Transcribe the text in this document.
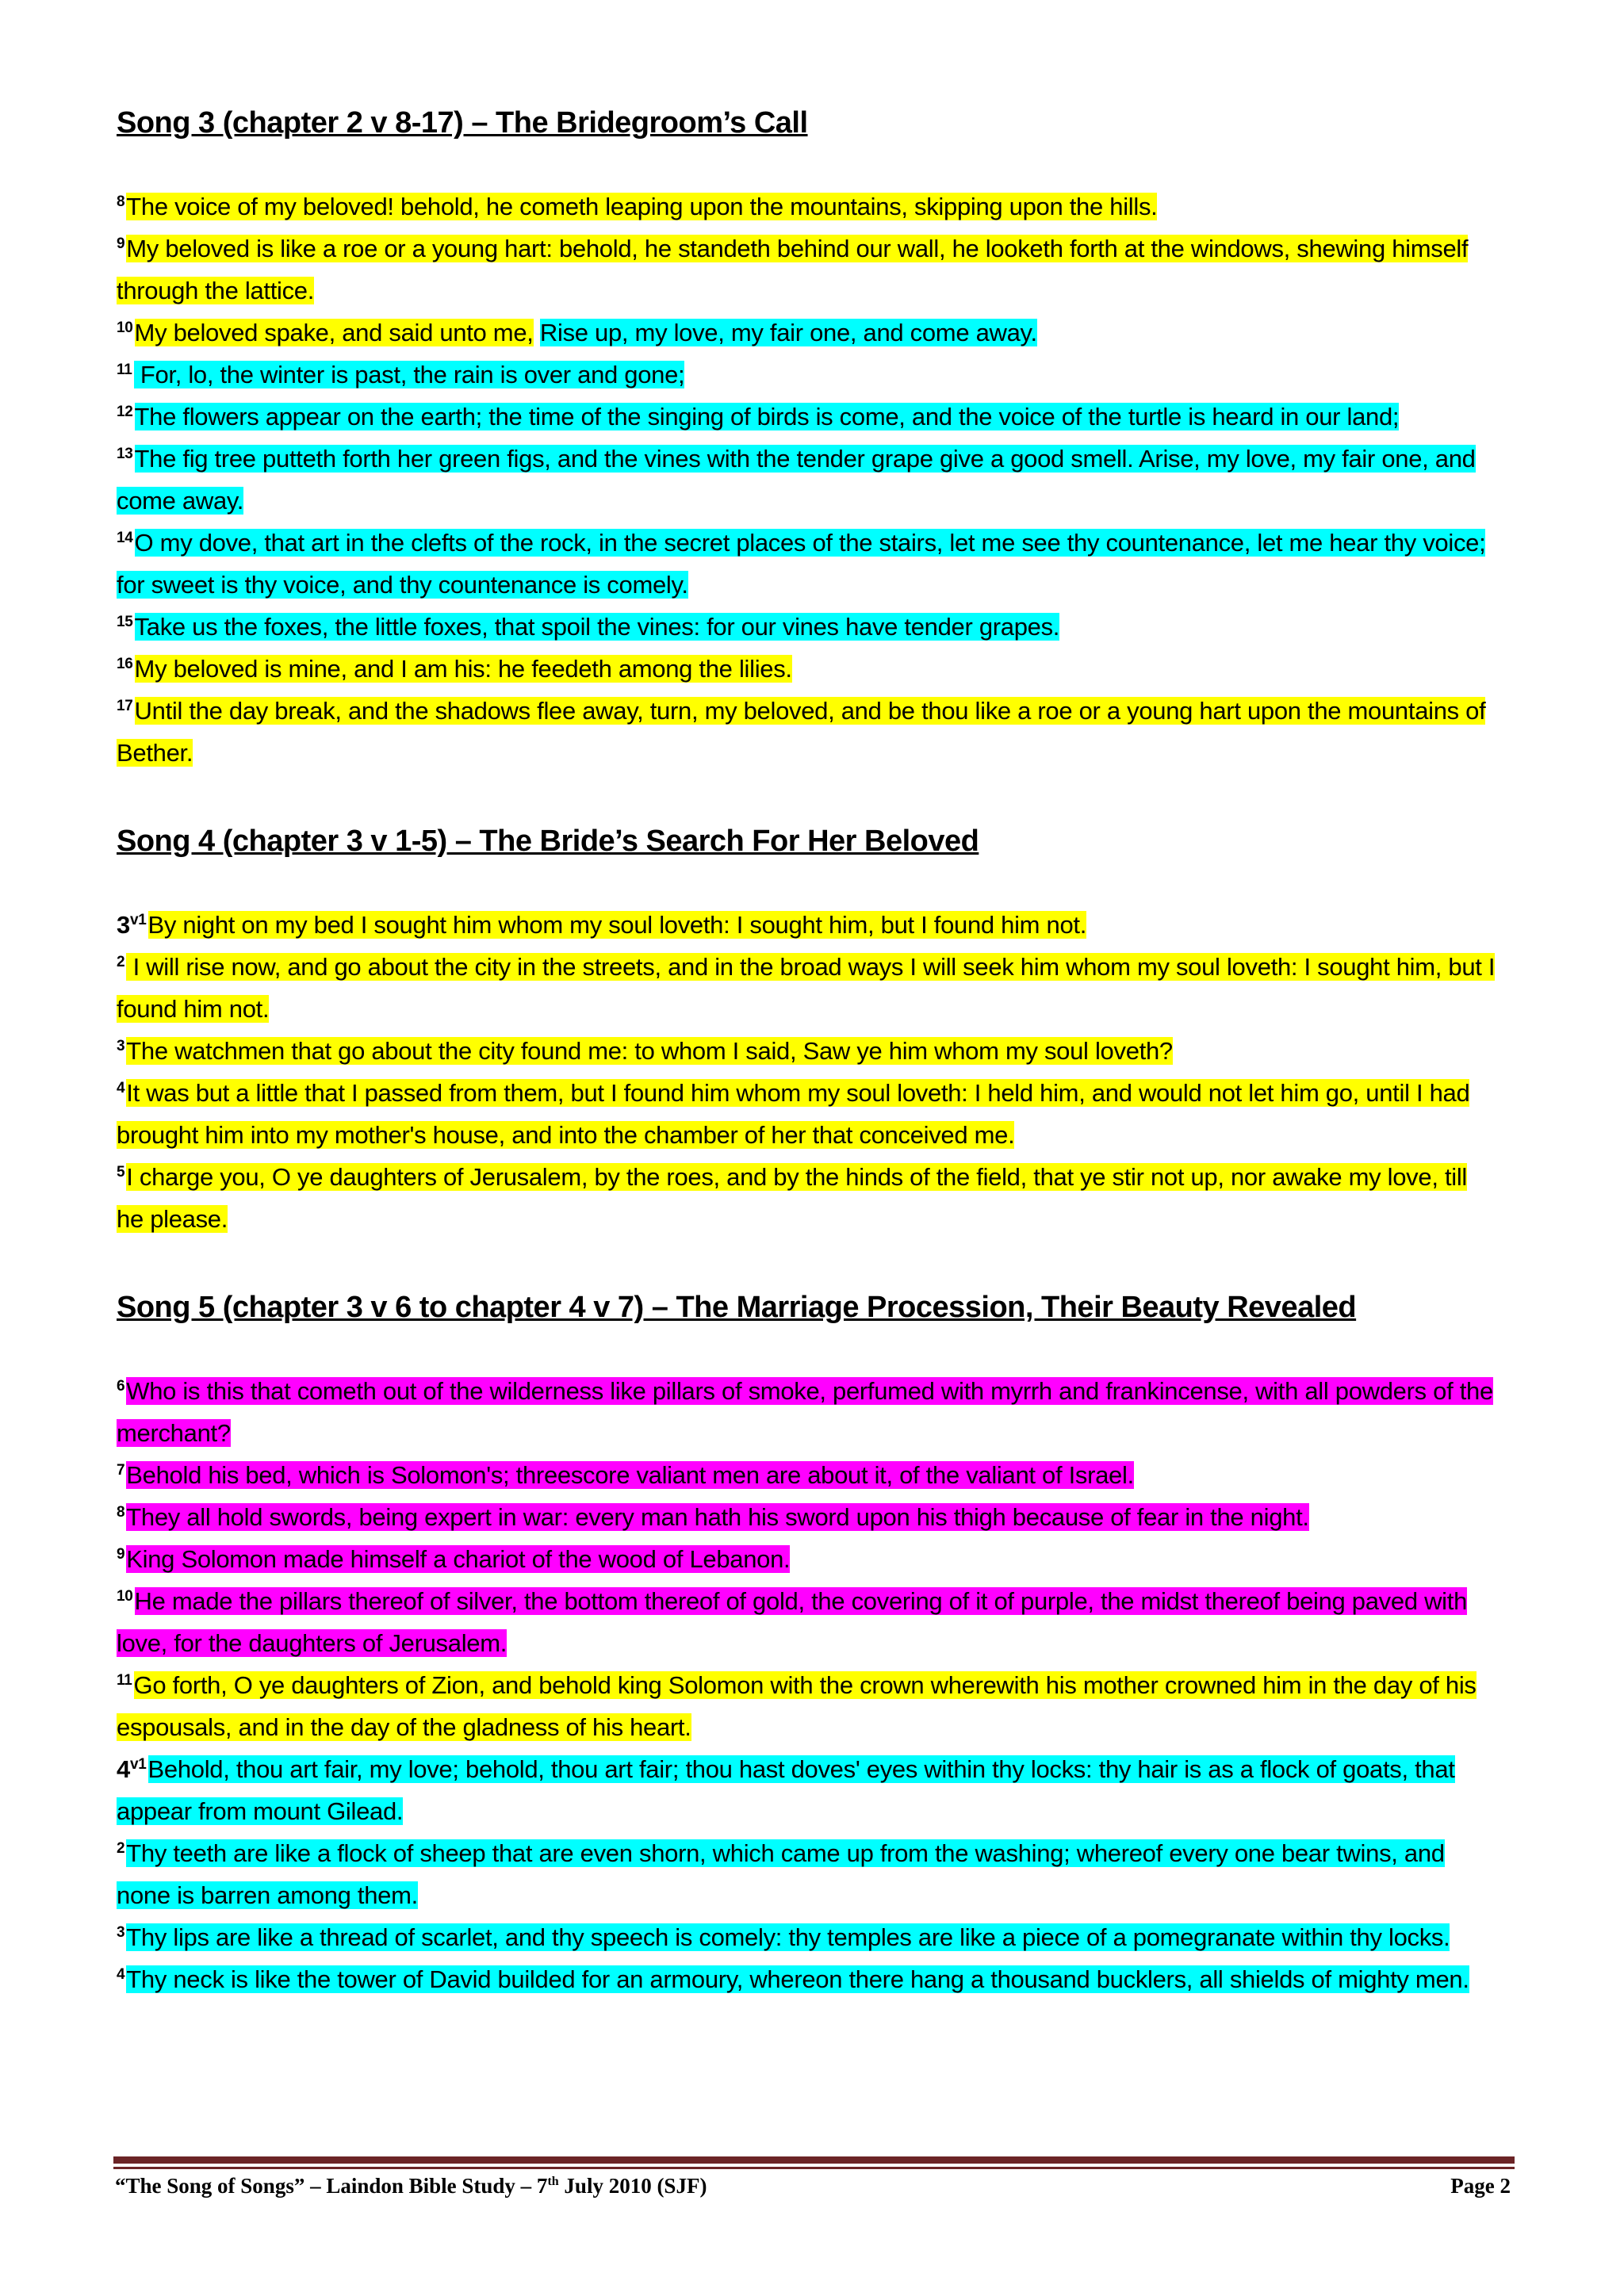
Song 3 (chapter 2 v 8-17) – The Bridegroom’s Call

$^8$The voice of my beloved! behold, he cometh leaping upon the mountains, skipping upon the hills.

$^9$My beloved is like a roe or a young hart: behold, he standeth behind our wall, he looketh forth at the windows, shewing himself through the lattice.

$^{10}$My beloved spake, and said unto me, Rise up, my love, my fair one, and come away.

$^{11}$ For, lo, the winter is past, the rain is over and gone;

$^{12}$The flowers appear on the earth; the time of the singing of birds is come, and the voice of the turtle is heard in our land;

$^{13}$The fig tree putteth forth her green figs, and the vines with the tender grape give a good smell. Arise, my love, my fair one, and come away.

$^{14}$O my dove, that art in the clefts of the rock, in the secret places of the stairs, let me see thy countenance, let me hear thy voice; for sweet is thy voice, and thy countenance is comely.

$^{15}$Take us the foxes, the little foxes, that spoil the vines: for our vines have tender grapes.

$^{16}$My beloved is mine, and I am his: he feedeth among the lilies.

$^{17}$Until the day break, and the shadows flee away, turn, my beloved, and be thou like a roe or a young hart upon the mountains of Bether.

Song 4 (chapter 3 v 1-5) – The Bride’s Search For Her Beloved

$3^{v1}By$ night on my bed I sought him whom my soul loveth: I sought him, but I found him not.

$^2$ I will rise now, and go about the city in the streets, and in the broad ways I will seek him whom my soul loveth: I sought him, but I found him not.

$^3$The watchmen that go about the city found me: to whom I said, Saw ye him whom my soul loveth?

$^4$It was but a little that I passed from them, but I found him whom my soul loveth: I held him, and would not let him go, until I had brought him into my mother's house, and into the chamber of her that conceived me.

$^5$I charge you, O ye daughters of Jerusalem, by the roes, and by the hinds of the field, that ye stir not up, nor awake my love, till he please.

Song 5 (chapter 3 v 6 to chapter 4 v 7) – The Marriage Procession, Their Beauty Revealed

$^6$Who is this that cometh out of the wilderness like pillars of smoke, perfumed with myrrh and frankincense, with all powders of the merchant?

$^7$Behold his bed, which is Solomon's; threescore valiant men are about it, of the valiant of Israel.

$^8$They all hold swords, being expert in war: every man hath his sword upon his thigh because of fear in the night.

$^9$King Solomon made himself a chariot of the wood of Lebanon.

$^{10}$He made the pillars thereof of silver, the bottom thereof of gold, the covering of it of purple, the midst thereof being paved with love, for the daughters of Jerusalem.

$^{11}$Go forth, O ye daughters of Zion, and behold king Solomon with the crown wherewith his mother crowned him in the day of his espousals, and in the day of the gladness of his heart.

$4^{v1}Behold$, thou art fair, my love; behold, thou art fair; thou hast doves' eyes within thy locks: thy hair is as a flock of goats, that appear from mount Gilead.

$^2$Thy teeth are like a flock of sheep that are even shorn, which came up from the washing; whereof every one bear twins, and none is barren among them.

$^3$Thy lips are like a thread of scarlet, and thy speech is comely: thy temples are like a piece of a pomegranate within thy locks.

$^4$Thy neck is like the tower of David builded for an armoury, whereon there hang a thousand bucklers, all shields of mighty men.

“The Song of Songs” – Laindon Bible Study – 7th July 2010 (SJF)	Page 2
